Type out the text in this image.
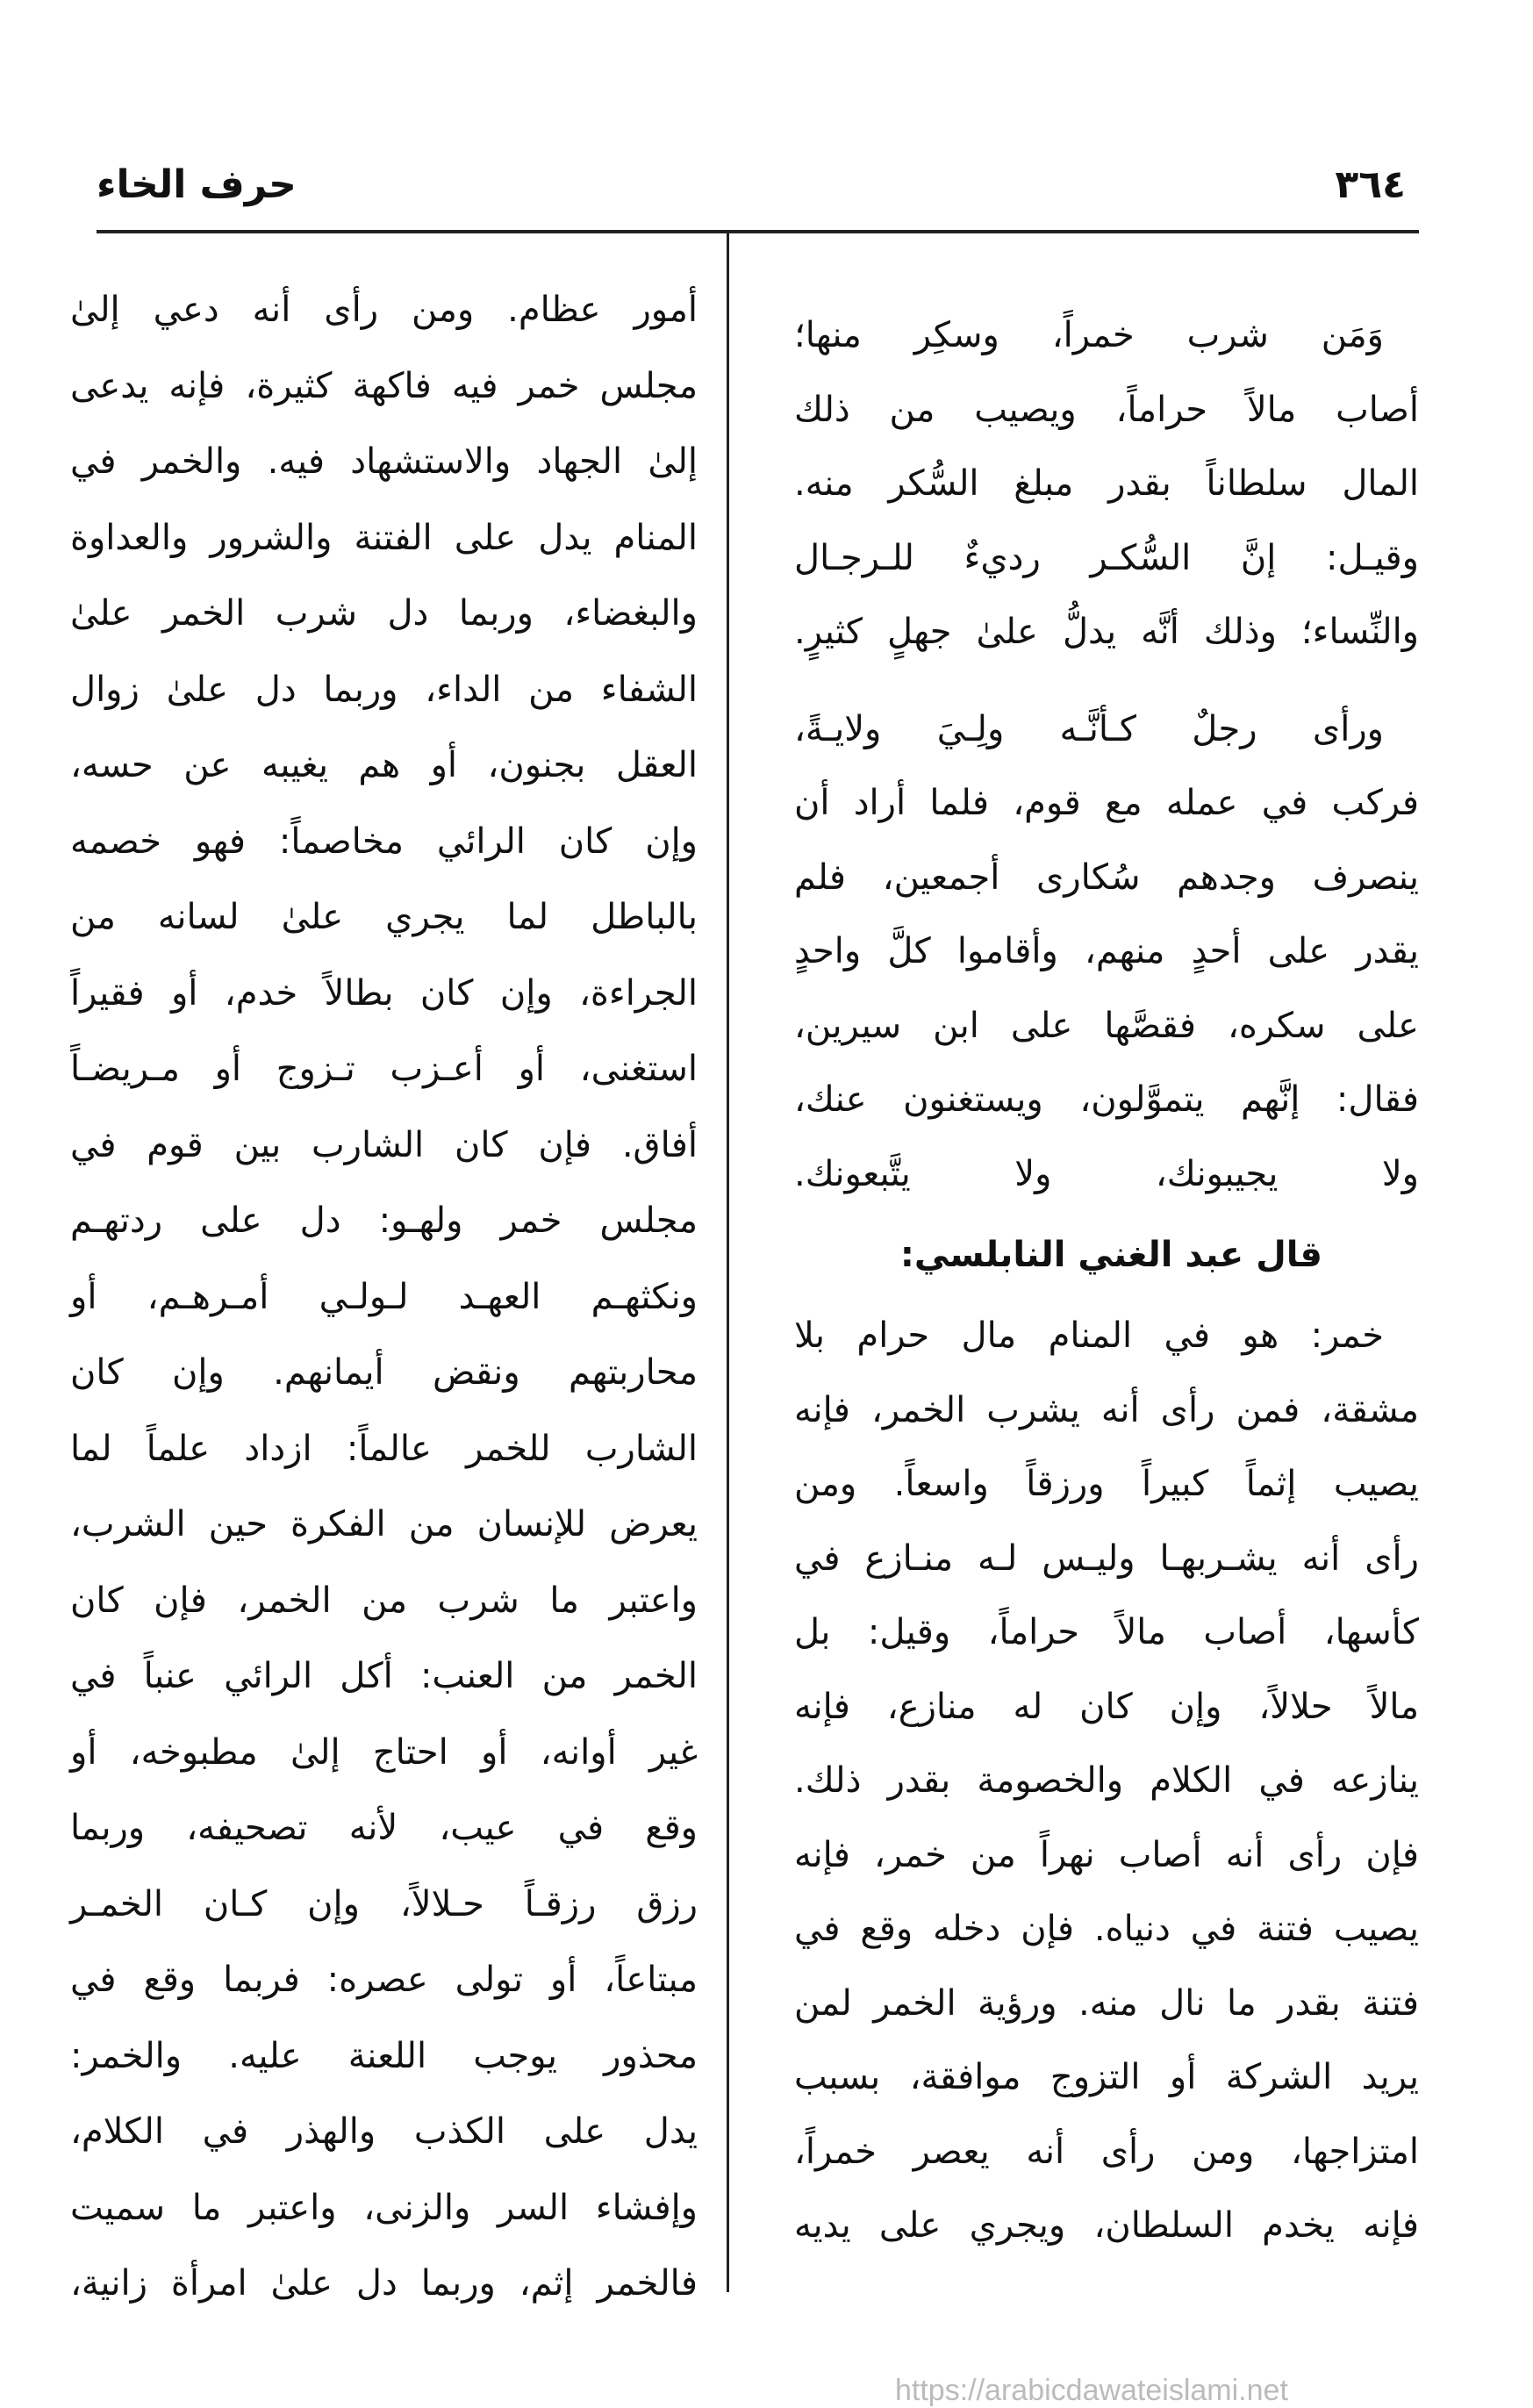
٣٦٤
حرف الخاء
وَمَن شرب خمراً، وسكِر منها؛
أصاب مالاً حراماً، ويصيب من ذلك
المال سلطاناً بقدر مبلغ السُّكر منه.
وقيـل: إنَّ السُّكـر رديءٌ للـرجـال
والنِّساء؛ وذلك أنَّه يدلُّ علىٰ جهلٍ كثيرٍ.
ورأى رجلٌ كـأنَّـه ولِـيَ ولايـةً،
فركب في عمله مع قوم، فلما أراد أن
ينصرف وجدهم سُكارى أجمعين، فلم
يقدر على أحدٍ منهم، وأقاموا كلَّ واحدٍ
على سكره، فقصَّها على ابن سيرين،
فقال: إنَّهم يتموَّلون، ويستغنون عنك،
ولا يجيبونك، ولا يتَّبعونك.
قال عبد الغني النابلسي:
خمر: هو في المنام مال حرام بلا
مشقة، فمن رأى أنه يشرب الخمر، فإنه
يصيب إثماً كبيراً ورزقاً واسعاً. ومن
رأى أنه يشـربهـا وليـس لـه منـازع في
كأسها، أصاب مالاً حراماً، وقيل: بل
مالاً حلالاً، وإن كان له منازع، فإنه
ينازعه في الكلام والخصومة بقدر ذلك.
فإن رأى أنه أصاب نهراً من خمر، فإنه
يصيب فتنة في دنياه. فإن دخله وقع في
فتنة بقدر ما نال منه. ورؤية الخمر لمن
يريد الشركة أو التزوج موافقة، بسبب
امتزاجها، ومن رأى أنه يعصر خمراً،
فإنه يخدم السلطان، ويجري على يديه
أمور عظام. ومن رأى أنه دعي إلىٰ
مجلس خمر فيه فاكهة كثيرة، فإنه يدعى
إلىٰ الجهاد والاستشهاد فيه. والخمر في
المنام يدل على الفتنة والشرور والعداوة
والبغضاء، وربما دل شرب الخمر علىٰ
الشفاء من الداء، وربما دل علىٰ زوال
العقل بجنون، أو هم يغيبه عن حسه،
وإن كان الرائي مخاصماً: فهو خصمه
بالباطل لما يجري علىٰ لسانه من
الجراءة، وإن كان بطالاً خدم، أو فقيراً
استغنى، أو أعـزب تـزوج أو مـريضـاً
أفاق. فإن كان الشارب بين قوم في
مجلس خمر ولهـو: دل على ردتهـم
ونكثهـم العهـد لـولـي أمـرهـم، أو
محاربتهم ونقض أيمانهم. وإن كان
الشارب للخمر عالماً: ازداد علماً لما
يعرض للإنسان من الفكرة حين الشرب،
واعتبر ما شرب من الخمر، فإن كان
الخمر من العنب: أكل الرائي عنباً في
غير أوانه، أو احتاج إلىٰ مطبوخه، أو
وقع في عيب، لأنه تصحيفه، وربما
رزق رزقـاً حـلالاً، وإن كـان الخمـر
مبتاعاً، أو تولى عصره: فربما وقع في
محذور يوجب اللعنة عليه. والخمر:
يدل على الكذب والهذر في الكلام،
وإفشاء السر والزنى، واعتبر ما سميت
فالخمر إثم، وربما دل علىٰ امرأة زانية،
https://arabicdawateislami.net
